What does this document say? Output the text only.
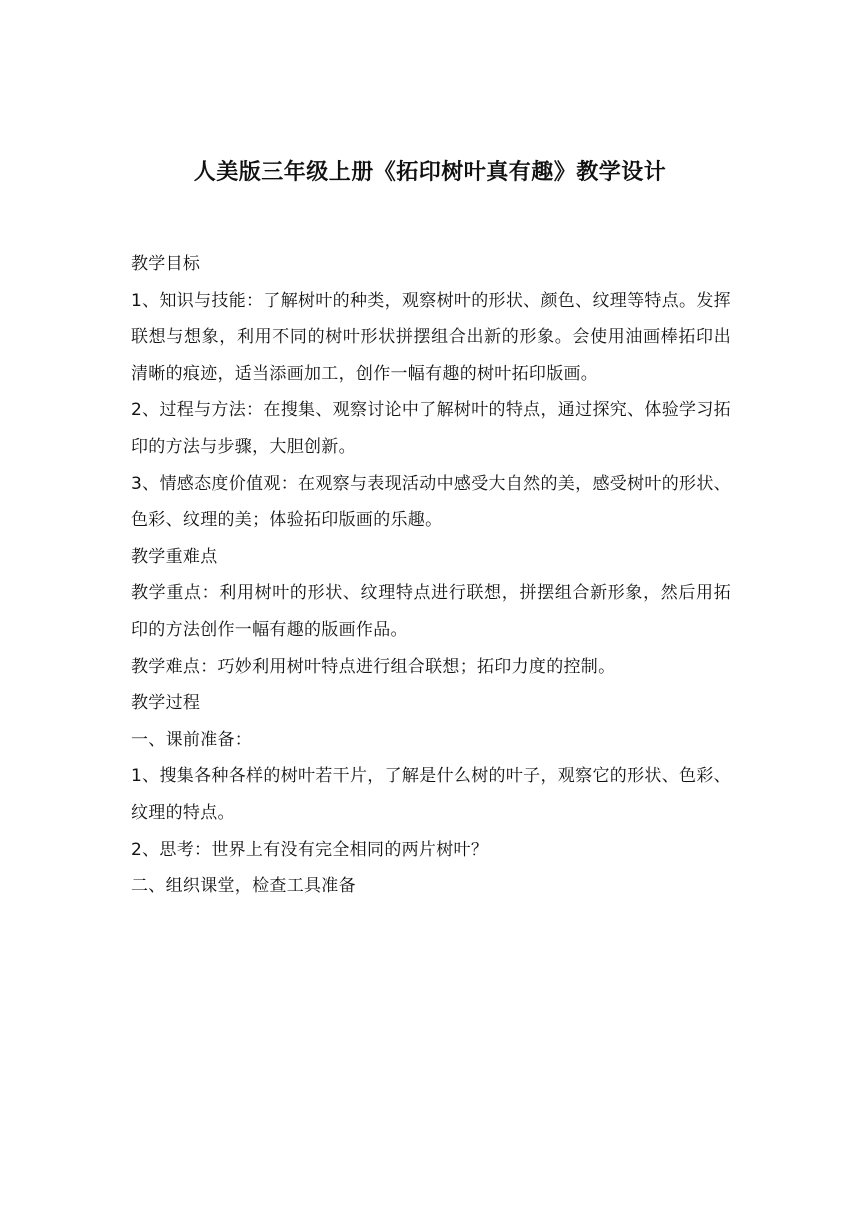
人美版三年级上册《拓印树叶真有趣》教学设计

教学目标

1、知识与技能：了解树叶的种类，观察树叶的形状、颜色、纹理等特点。发挥联想与想象，利用不同的树叶形状拼摆组合出新的形象。会使用油画棒拓印出清晰的痕迹，适当添画加工，创作一幅有趣的树叶拓印版画。

2、过程与方法：在搜集、观察讨论中了解树叶的特点，通过探究、体验学习拓印的方法与步骤，大胆创新。

3、情感态度价值观：在观察与表现活动中感受大自然的美，感受树叶的形状、色彩、纹理的美；体验拓印版画的乐趣。

教学重难点

教学重点：利用树叶的形状、纹理特点进行联想，拼摆组合新形象，然后用拓印的方法创作一幅有趣的版画作品。

教学难点：巧妙利用树叶特点进行组合联想；拓印力度的控制。

教学过程

一、课前准备：

1、搜集各种各样的树叶若干片，了解是什么树的叶子，观察它的形状、色彩、纹理的特点。

2、思考：世界上有没有完全相同的两片树叶？

二、组织课堂，检查工具准备
